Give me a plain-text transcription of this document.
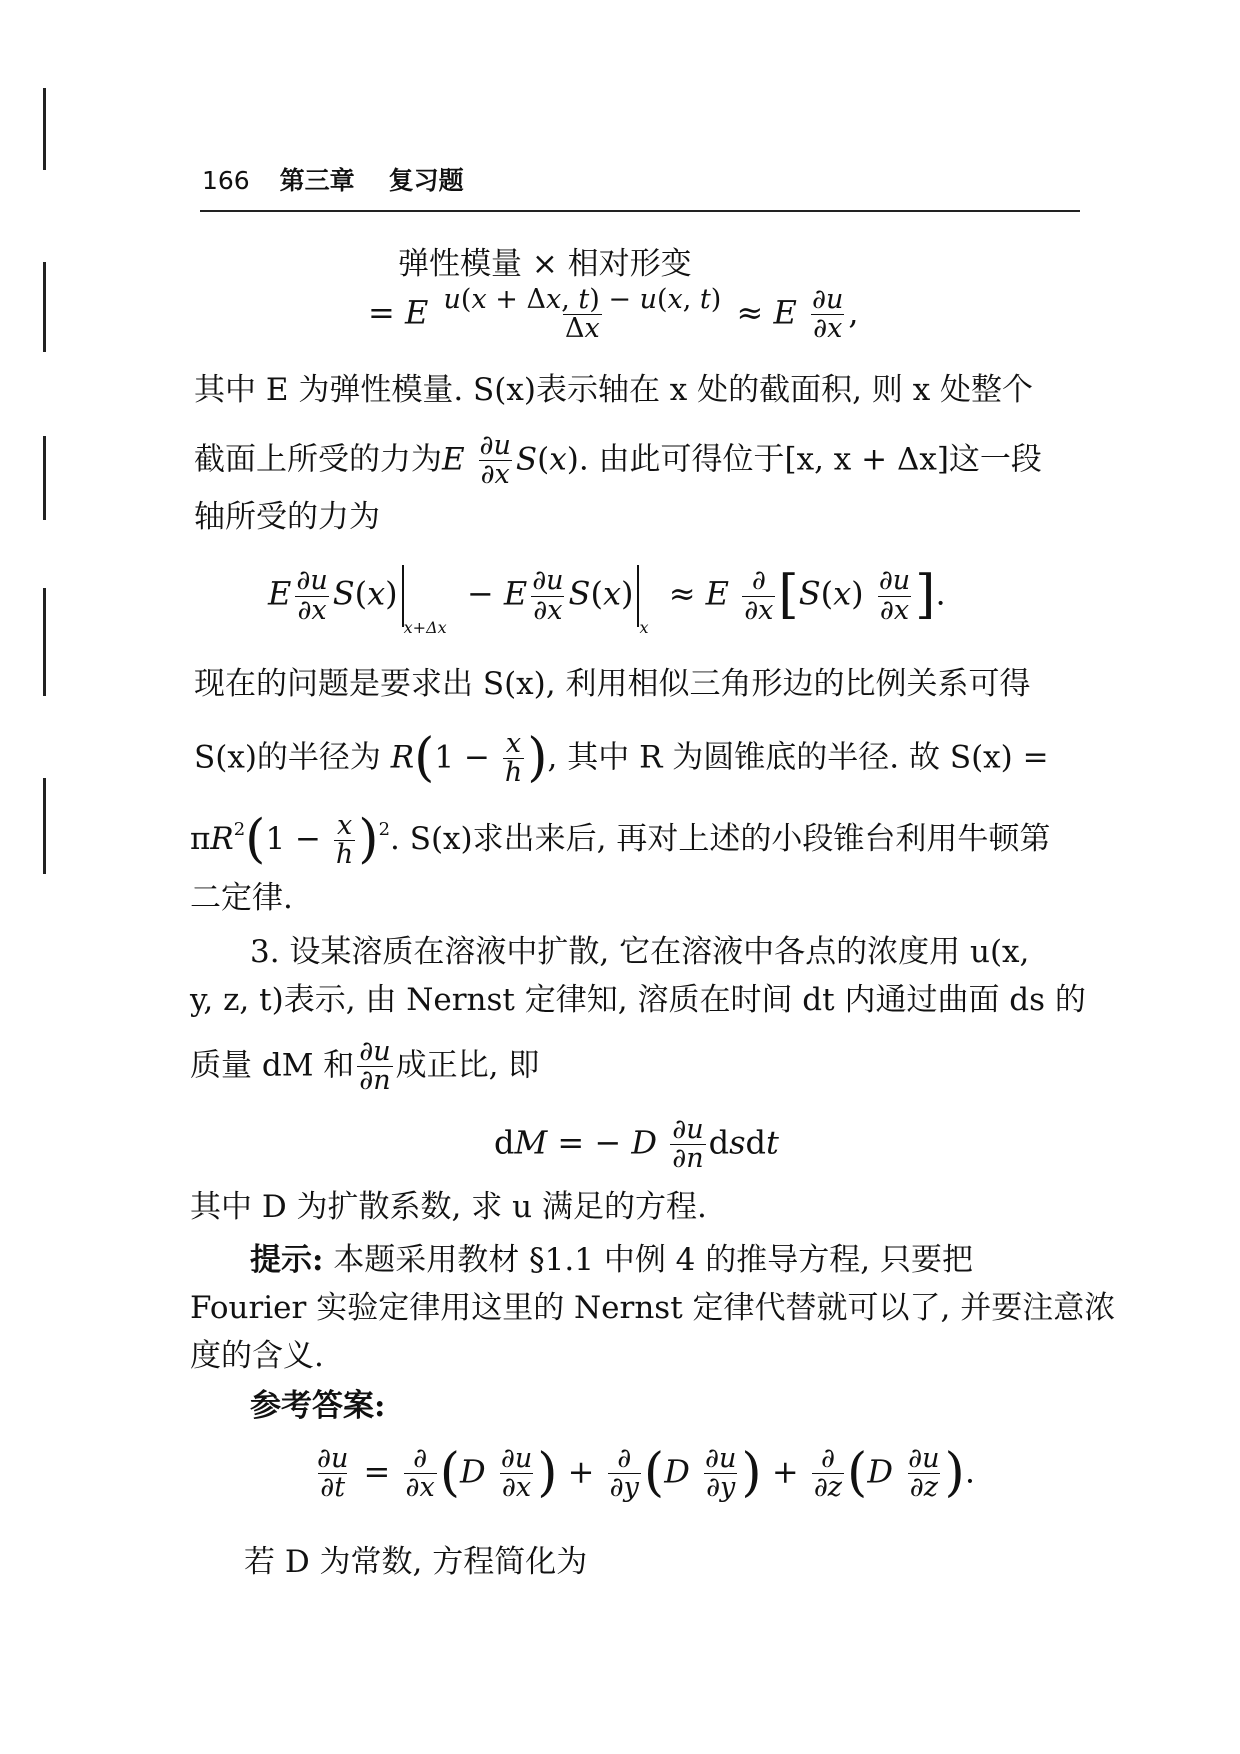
166 第三章 复习题
弹性模量 × 相对形变
= E $\frac{u(x + \Delta x, t) - u(x, t)}{\Delta x} \approx E \frac{\partial u}{\partial x}$ ,
其中 E 为弹性模量. S(x)表示轴在 x 处的截面积, 则 x 处整个
截面上所受的力为E $\frac{\partial u}{\partial x} S(x)$. 由此可得位于[x, x + Δx]这一段
轴所受的力为
E $\frac{\partial u}{\partial x} S(x)x+\Delta x - E \frac{\partial u}{\partial x} S(x)x \approx E \frac{\partial}{\partial x} [S(x) \frac{\partial u}{\partial x}$ ].
现在的问题是要求出 S(x), 利用相似三角形边的比例关系可得
S(x)的半径为 $R(1 - \frac{x}{h}$ ), 其中 R 为圆锥底的半径. 故 S(x) =
$\pi R^2(1 - \frac{x}{h} )^2$. S(x)求出来后, 再对上述的小段锥台利用牛顿第
二定律.
3. 设某溶质在溶液中扩散, 它在溶液中各点的浓度用 u(x,
y, z, t)表示, 由 Nernst 定律知, 溶质在时间 dt 内通过曲面 ds 的
质量 dM 和 $\frac{\partial u}{\partial n}$ 成正比, 即
dM = − D $\frac{\partial u}{\partial n}$ dsdt
其中 D 为扩散系数, 求 u 满足的方程.
提示: 本题采用教材 §1.1 中例 4 的推导方程, 只要把
Fourier 实验定律用这里的 Nernst 定律代替就可以了, 并要注意浓
度的含义.
参考答案:
$\frac{\partial u}{\partial t} = \frac{\partial}{\partial x} (D \frac{\partial u}{\partial x}$ ) + $\frac{\partial}{\partial y} (D \frac{\partial u}{\partial y}$ ) + $\frac{\partial}{\partial z} (D \frac{\partial u}{\partial z}$ ).
若 D 为常数, 方程简化为
